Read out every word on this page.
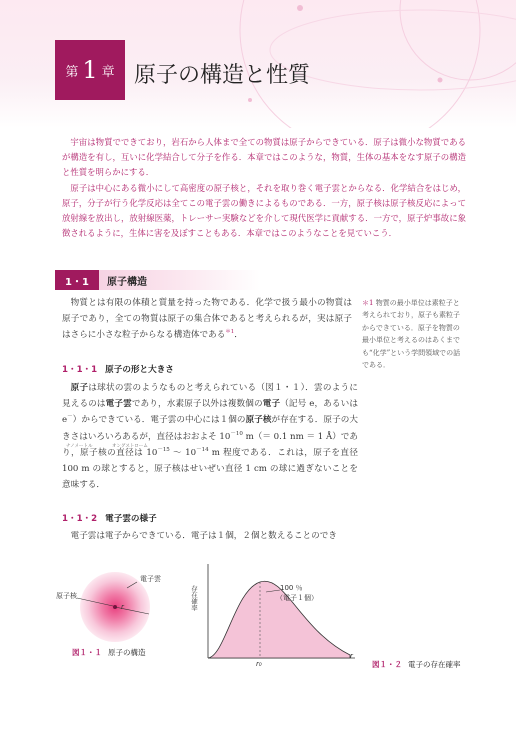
第 1 章 原子の構造と性質

宇宙は物質でできており，岩石から人体まで全ての物質は原子からできている．原子は微小な物質であるが構造を有し，互いに化学結合して分子を作る．本章ではこのような，物質，生体の基本をなす原子の構造と性質を明らかにする．

原子は中心にある微小にして高密度の原子核と，それを取り巻く電子雲とからなる．化学結合をはじめ，原子，分子が行う化学反応は全てこの電子雲の働きによるものである．一方，原子核は原子核反応によって放射線を放出し，放射線医薬，トレーサー実験などを介して現代医学に貢献する．一方で，原子炉事故に象徴されるように，生体に害を及ぼすこともある．本章ではこのようなことを見ていこう．

1・1	原子構造

物質とは有限の体積と質量を持った物である．化学で扱う最小の物質は原子であり，全ての物質は原子の集合体であると考えられるが，実は原子はさらに小さな粒子からなる構造体である$^{*1}$．

＊1 物質の最小単位は素粒子と考えられており，原子も素粒子からできている．原子を物質の最小単位と考えるのはあくまでも“化学”という学問領域での話である．
1・1・1 原子の形と大きさ

原子は球状の雲のようなものと考えられている（図１・１）．雲のように見えるのは電子雲であり，水素原子以外は複数個の電子（記号 e，あるいは e－）からできている．電子雲の中心には１個の原子核が存在する．原子の大きさはいろいろあるが，直径はおおよそ $10^{-10}$ m（＝ 0.1 nm ＝ 1 Å）であり，原子核の直径は $10^{-15}$ ～ $10^{-14}$ m 程度である．これは，原子を直径 100 m の球とすると，原子核はせいぜい直径 1 cm の球に過ぎないことを意味する．

ナノメートル	オングストローム
1・1・2 電子雲の様子

電子雲は電子からできている．電子は１個，２個と数えることのでき

電子雲
原子核
r
図１・１ 原子の構造
存在確率	100 ％
（電子１個）
r₀
r
図１・２ 電子の存在確率
